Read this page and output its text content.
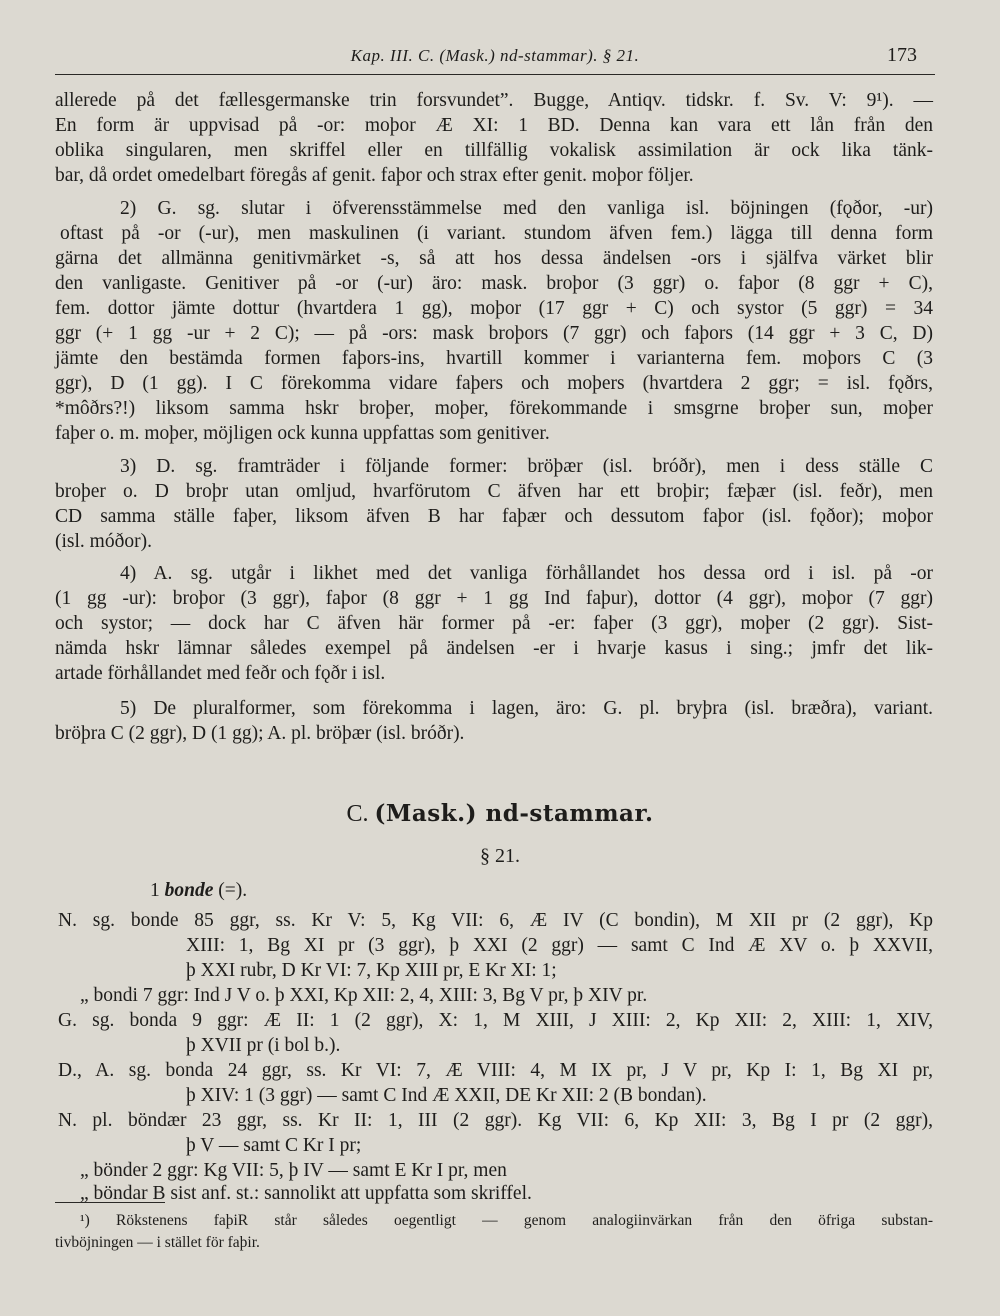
Kap. III. C. (Mask.) nd-stammar). § 21.	173
allerede på det fællesgermanske trin forsvundet”. Bugge, Antiqv. tidskr. f. Sv. V: 9¹). —
En form är uppvisad på -or: moþor Æ XI: 1 BD. Denna kan vara ett lån från den
oblika singularen, men skriffel eller en tillfällig vokalisk assimilation är ock lika tänk-
bar, då ordet omedelbart föregås af genit. faþor och strax efter genit. moþor följer.
2) G. sg. slutar i öfverensstämmelse med den vanliga isl. böjningen (fǫðor, -ur)
oftast på -or (-ur), men maskulinen (i variant. stundom äfven fem.) lägga till denna form
gärna det allmänna genitivmärket -s, så att hos dessa ändelsen -ors i själfva värket blir
den vanligaste. Genitiver på -or (-ur) äro: mask. broþor (3 ggr) o. faþor (8 ggr + C),
fem. dottor jämte dottur (hvartdera 1 gg), moþor (17 ggr + C) och systor (5 ggr) = 34
ggr (+ 1 gg -ur + 2 C); — på -ors: mask broþors (7 ggr) och faþors (14 ggr + 3 C, D)
jämte den bestämda formen faþors-ins, hvartill kommer i varianterna fem. moþors C (3
ggr), D (1 gg). I C förekomma vidare faþers och moþers (hvartdera 2 ggr; = isl. fǫðrs,
*môðrs?!) liksom samma hskr broþer, moþer, förekommande i smsgrne broþer sun, moþer
faþer o. m. moþer, möjligen ock kunna uppfattas som genitiver.
3) D. sg. framträder i följande former: bröþær (isl. bróðr), men i dess ställe C
broþer o. D broþr utan omljud, hvarförutom C äfven har ett broþir; fæþær (isl. feðr), men
CD samma ställe faþer, liksom äfven B har faþær och dessutom faþor (isl. fǫðor); moþor
(isl. móðor).
4) A. sg. utgår i likhet med det vanliga förhållandet hos dessa ord i isl. på -or
(1 gg -ur): broþor (3 ggr), faþor (8 ggr + 1 gg Ind faþur), dottor (4 ggr), moþor (7 ggr)
och systor; — dock har C äfven här former på -er: faþer (3 ggr), moþer (2 ggr). Sist-
nämda hskr lämnar således exempel på ändelsen -er i hvarje kasus i sing.; jmfr det lik-
artade förhållandet med feðr och fǫðr i isl.
5) De pluralformer, som förekomma i lagen, äro: G. pl. bryþra (isl. bræðra), variant.
bröþra C (2 ggr), D (1 gg); A. pl. bröþær (isl. bróðr).
C. (Mask.) nd-stammar.
§ 21.
1 bonde (=).
N. sg. bonde 85 ggr, ss. Kr V: 5, Kg VII: 6, Æ IV (C bondin), M XII pr (2 ggr), Kp
XIII: 1, Bg XI pr (3 ggr), þ XXI (2 ggr) — samt C Ind Æ XV o. þ XXVII,
þ XXI rubr, D Kr VI: 7, Kp XIII pr, E Kr XI: 1;
„ bondi 7 ggr: Ind J V o. þ XXI, Kp XII: 2, 4, XIII: 3, Bg V pr, þ XIV pr.
G. sg. bonda 9 ggr: Æ II: 1 (2 ggr), X: 1, M XIII, J XIII: 2, Kp XII: 2, XIII: 1, XIV,
þ XVII pr (i bol b.).
D., A. sg. bonda 24 ggr, ss. Kr VI: 7, Æ VIII: 4, M IX pr, J V pr, Kp I: 1, Bg XI pr,
þ XIV: 1 (3 ggr) — samt C Ind Æ XXII, DE Kr XII: 2 (B bondan).
N. pl. böndær 23 ggr, ss. Kr II: 1, III (2 ggr). Kg VII: 6, Kp XII: 3, Bg I pr (2 ggr),
þ V — samt C Kr I pr;
„ bönder 2 ggr: Kg VII: 5, þ IV — samt E Kr I pr, men
„ böndar B sist anf. st.: sannolikt att uppfatta som skriffel.
¹) Rökstenens faþiR står således oegentligt — genom analogiinvärkan från den öfriga substan-
tivböjningen — i stället för faþir.
